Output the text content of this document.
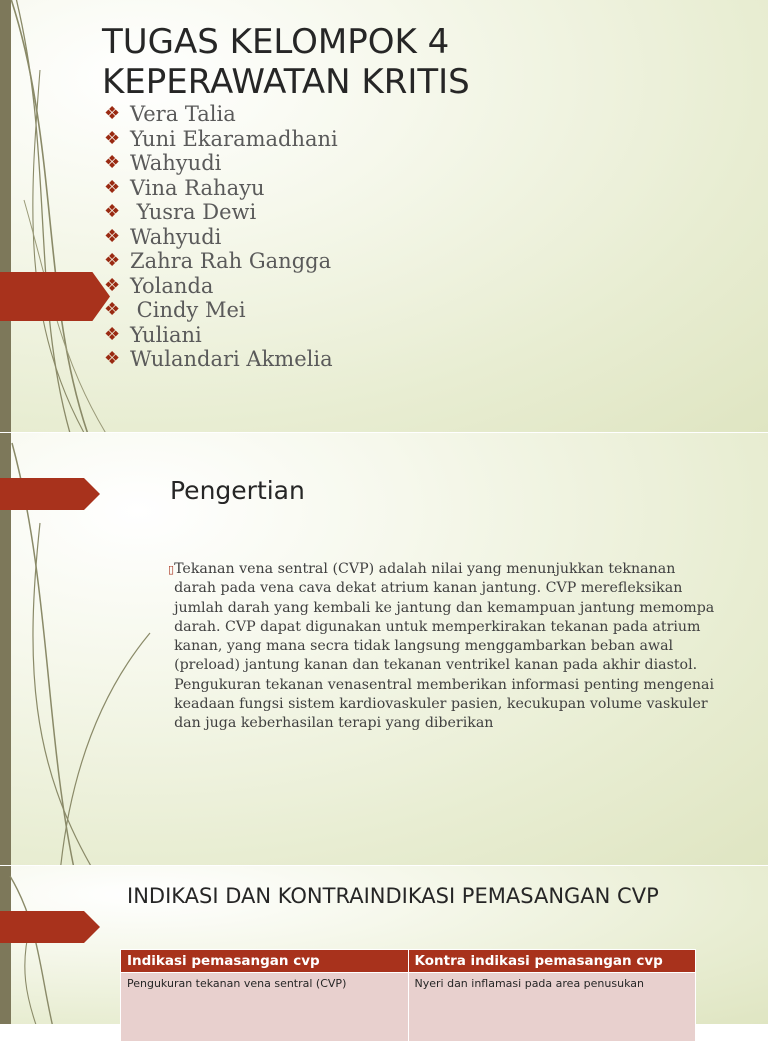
TUGAS KELOMPOK 4
KEPERAWATAN KRITIS
❖ Vera Talia
❖ Yuni Ekaramadhani
❖ Wahyudi
❖ Vina Rahayu
❖ Yusra Dewi
❖ Wahyudi
❖ Zahra Rah Gangga
❖ Yolanda
❖ Cindy Mei
❖ Yuliani
❖ Wulandari Akmelia
Pengertian
▯ Tekanan vena sentral (CVP) adalah nilai yang menunjukkan teknanan darah pada vena cava dekat atrium kanan jantung. CVP merefleksikan jumlah darah yang kembali ke jantung dan kemampuan jantung memompa darah. CVP dapat digunakan untuk memperkirakan tekanan pada atrium kanan, yang mana secra tidak langsung menggambarkan beban awal (preload) jantung kanan dan tekanan ventrikel kanan pada akhir diastol. Pengukuran tekanan venasentral memberikan informasi penting mengenai keadaan fungsi sistem kardiovaskuler pasien, kecukupan volume vaskuler dan juga keberhasilan terapi yang diberikan

INDIKASI DAN KONTRAINDIKASI PEMASANGAN CVP
Indikasi pemasangan cvp	Kontra indikasi pemasangan cvp
Pengukuran tekanan vena sentral (CVP)	Nyeri dan inflamasi pada area penusukan
